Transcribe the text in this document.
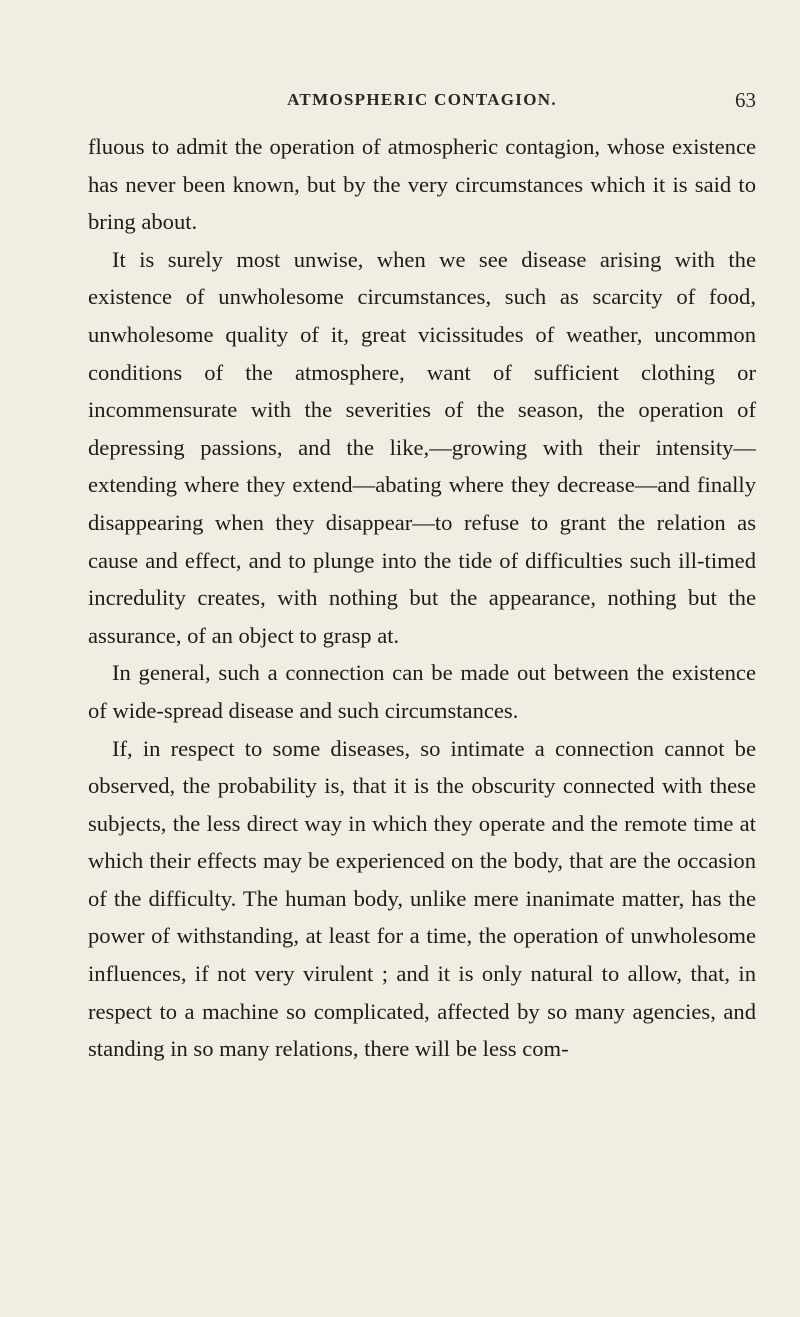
ATMOSPHERIC CONTAGION.	63

fluous to admit the operation of atmospheric contagion, whose existence has never been known, but by the very circumstances which it is said to bring about.

It is surely most unwise, when we see disease arising with the existence of unwholesome circumstances, such as scarcity of food, unwholesome quality of it, great vicissitudes of weather, uncommon conditions of the atmosphere, want of sufficient clothing or incommensurate with the severities of the season, the operation of depressing passions, and the like,—growing with their intensity—extending where they extend—abating where they decrease—and finally disappearing when they disappear—to refuse to grant the relation as cause and effect, and to plunge into the tide of difficulties such ill-timed incredulity creates, with nothing but the appearance, nothing but the assurance, of an object to grasp at.

In general, such a connection can be made out between the existence of wide-spread disease and such circumstances.

If, in respect to some diseases, so intimate a connection cannot be observed, the probability is, that it is the obscurity connected with these subjects, the less direct way in which they operate and the remote time at which their effects may be experienced on the body, that are the occasion of the difficulty. The human body, unlike mere inanimate matter, has the power of withstanding, at least for a time, the operation of unwholesome influences, if not very virulent ; and it is only natural to allow, that, in respect to a machine so complicated, affected by so many agencies, and standing in so many relations, there will be less com-
